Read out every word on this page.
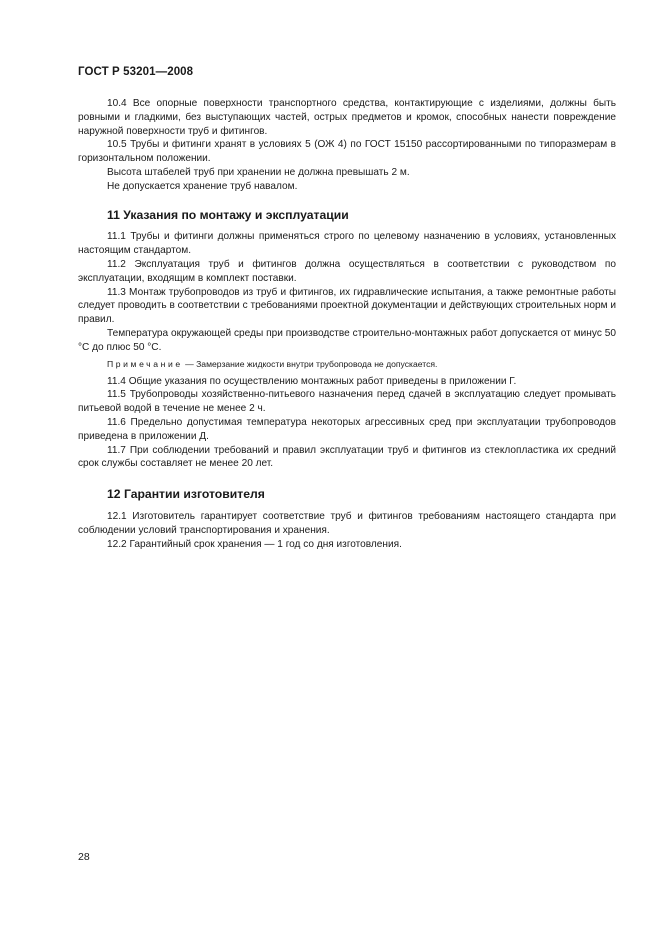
ГОСТ Р 53201—2008

10.4 Все опорные поверхности транспортного средства, контактирующие с изделиями, должны быть ровными и гладкими, без выступающих частей, острых предметов и кромок, способных нанести повреждение наружной поверхности труб и фитингов.

10.5 Трубы и фитинги хранят в условиях 5 (ОЖ 4) по ГОСТ 15150 рассортированными по типоразмерам в горизонтальном положении.

Высота штабелей труб при хранении не должна превышать 2 м.

Не допускается хранение труб навалом.

11 Указания по монтажу и эксплуатации

11.1 Трубы и фитинги должны применяться строго по целевому назначению в условиях, установленных настоящим стандартом.

11.2 Эксплуатация труб и фитингов должна осуществляться в соответствии с руководством по эксплуатации, входящим в комплект поставки.

11.3 Монтаж трубопроводов из труб и фитингов, их гидравлические испытания, а также ремонтные работы следует проводить в соответствии с требованиями проектной документации и действующих строительных норм и правил.

Температура окружающей среды при производстве строительно-монтажных работ допускается от минус 50 °С до плюс 50 °С.

Примечание — Замерзание жидкости внутри трубопровода не допускается.

11.4 Общие указания по осуществлению монтажных работ приведены в приложении Г.

11.5 Трубопроводы хозяйственно-питьевого назначения перед сдачей в эксплуатацию следует промывать питьевой водой в течение не менее 2 ч.

11.6 Предельно допустимая температура некоторых агрессивных сред при эксплуатации трубопроводов приведена в приложении Д.

11.7 При соблюдении требований и правил эксплуатации труб и фитингов из стеклопластика их средний срок службы составляет не менее 20 лет.

12 Гарантии изготовителя

12.1 Изготовитель гарантирует соответствие труб и фитингов требованиям настоящего стандарта при соблюдении условий транспортирования и хранения.

12.2 Гарантийный срок хранения — 1 год со дня изготовления.

28
